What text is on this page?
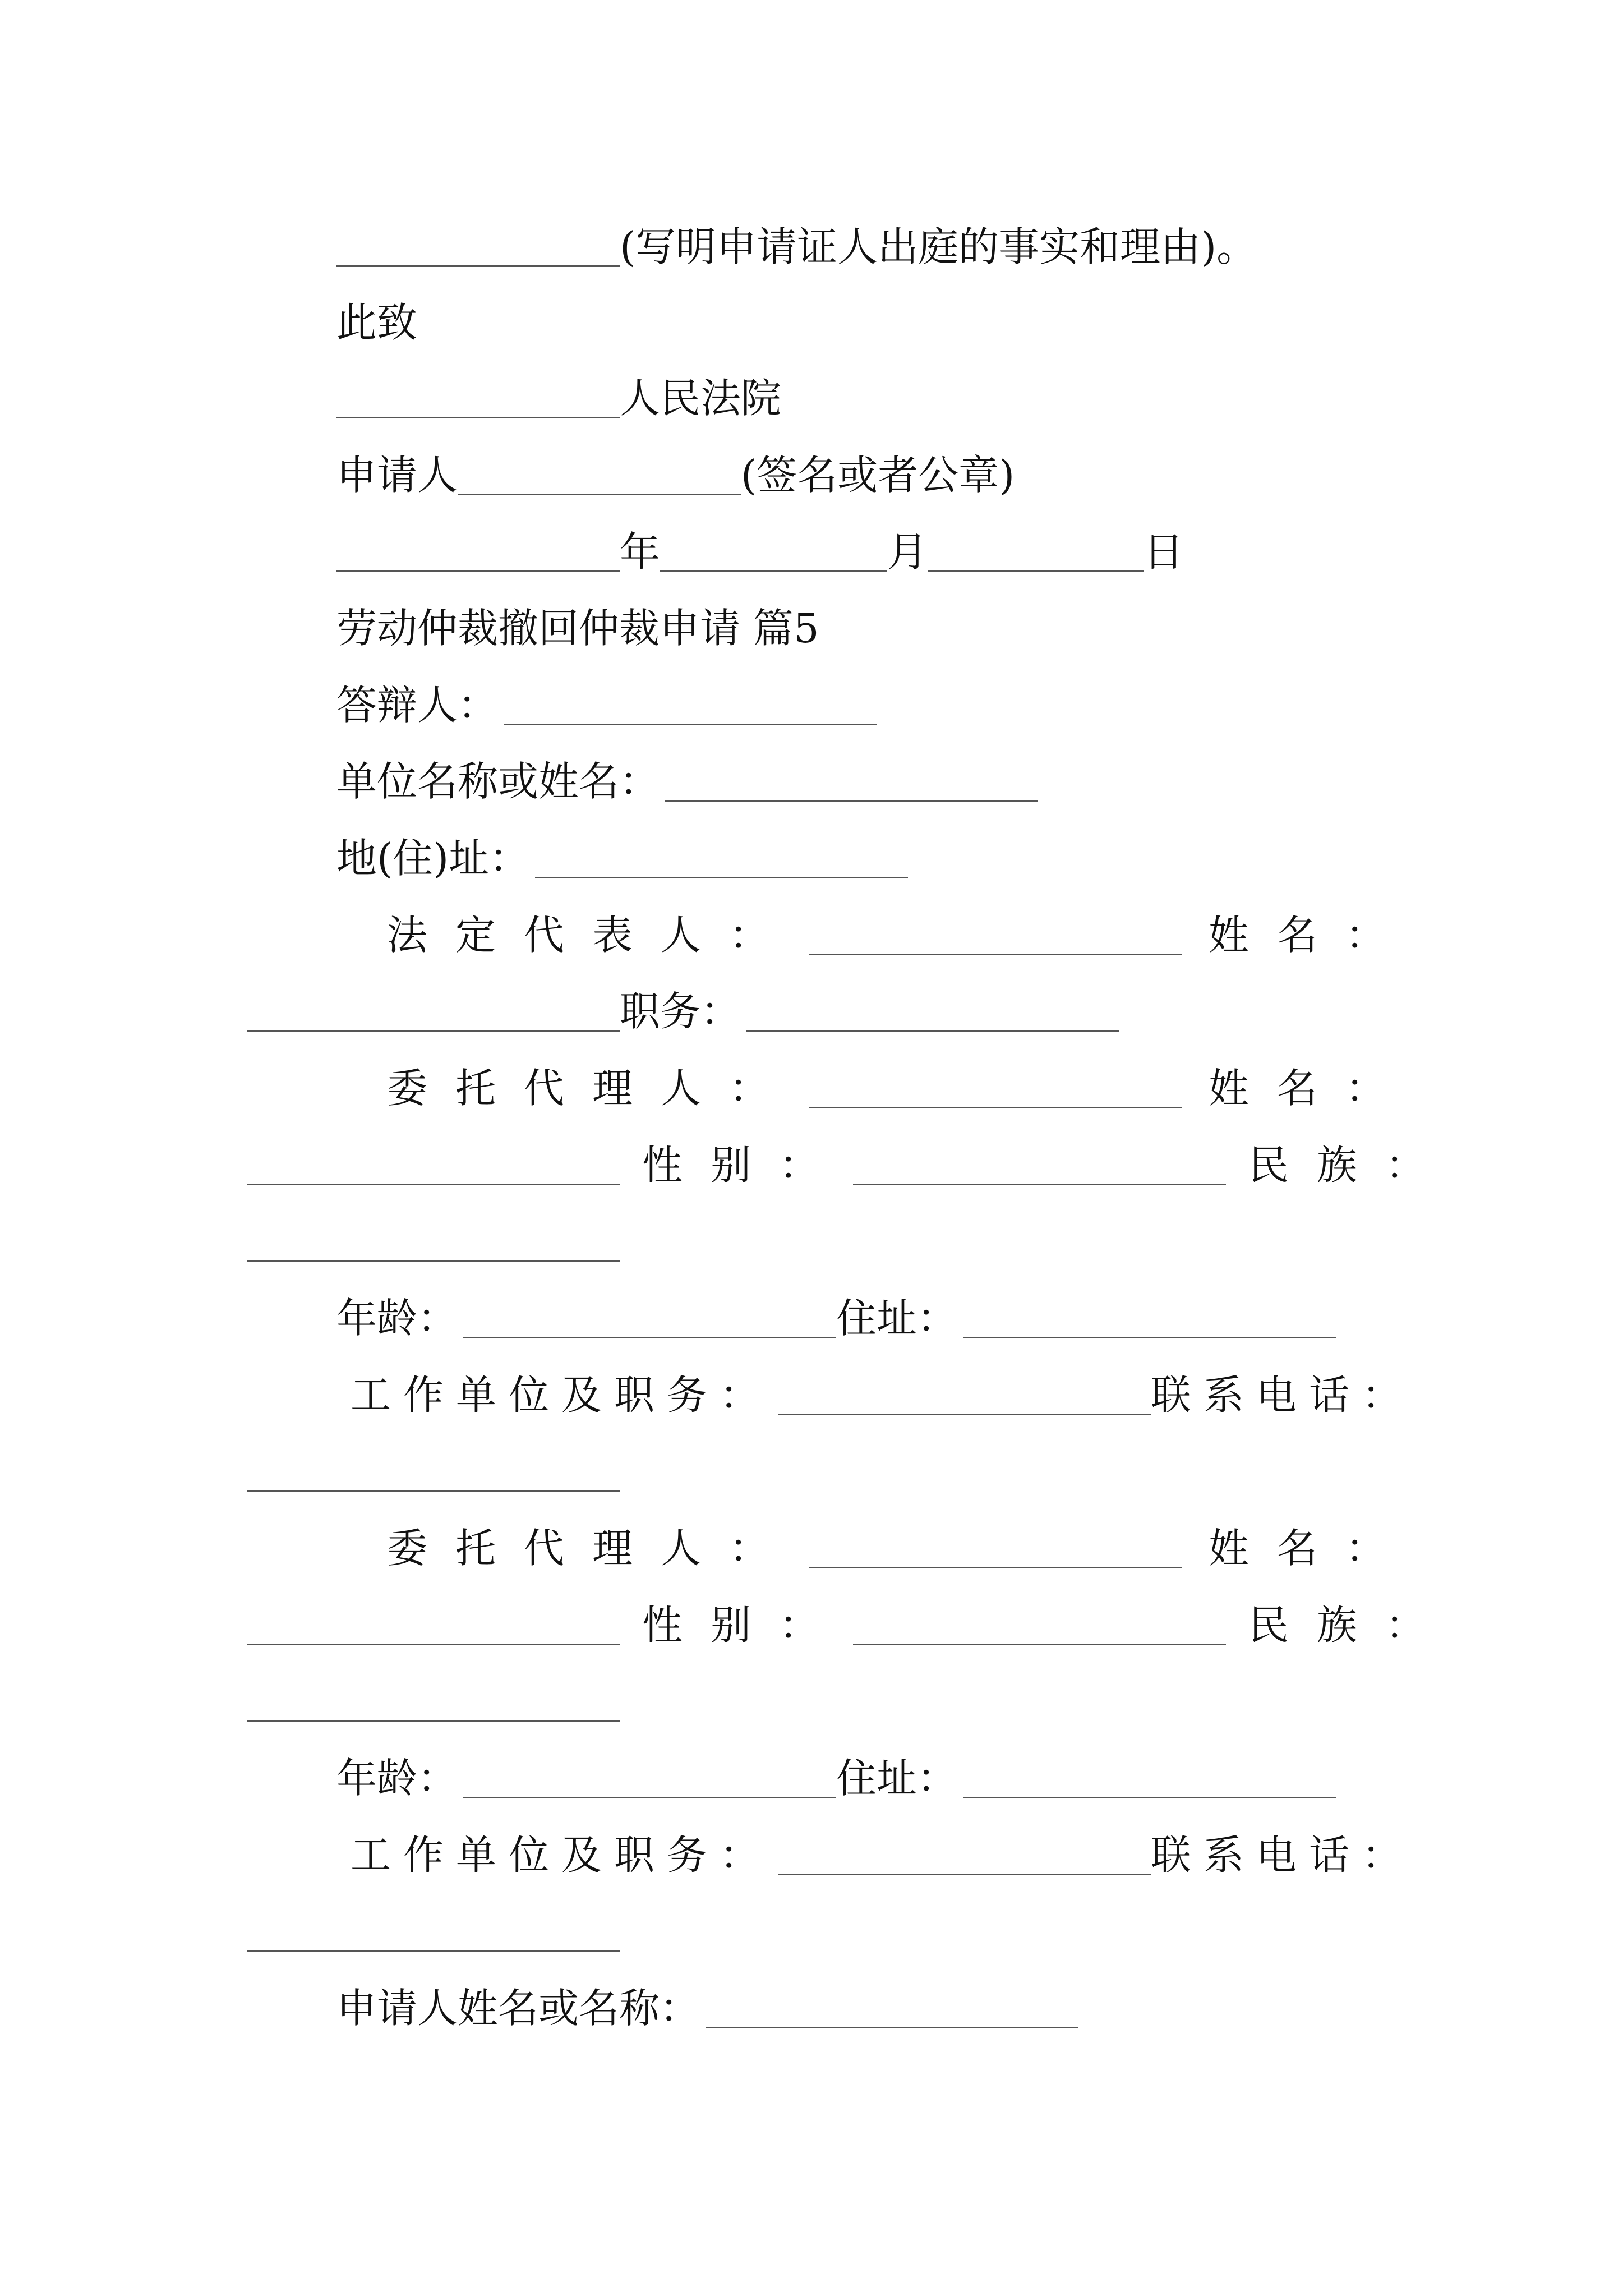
(写明申请证人出庭的事实和理由)。
此致
人民法院
申请人	(签名或者公章)
年	月	日
劳动仲裁撤回仲裁申请 篇5
答辩人：
单位名称或姓名：
地(住)址：
法定代表人：	姓名：
职务：
委托代理人：	姓名：
性别：	民族：
年龄：	住址：
工作单位及职务：	联系电话：
委托代理人：	姓名：
性别：	民族：
年龄：	住址：
工作单位及职务：	联系电话：
申请人姓名或名称：
